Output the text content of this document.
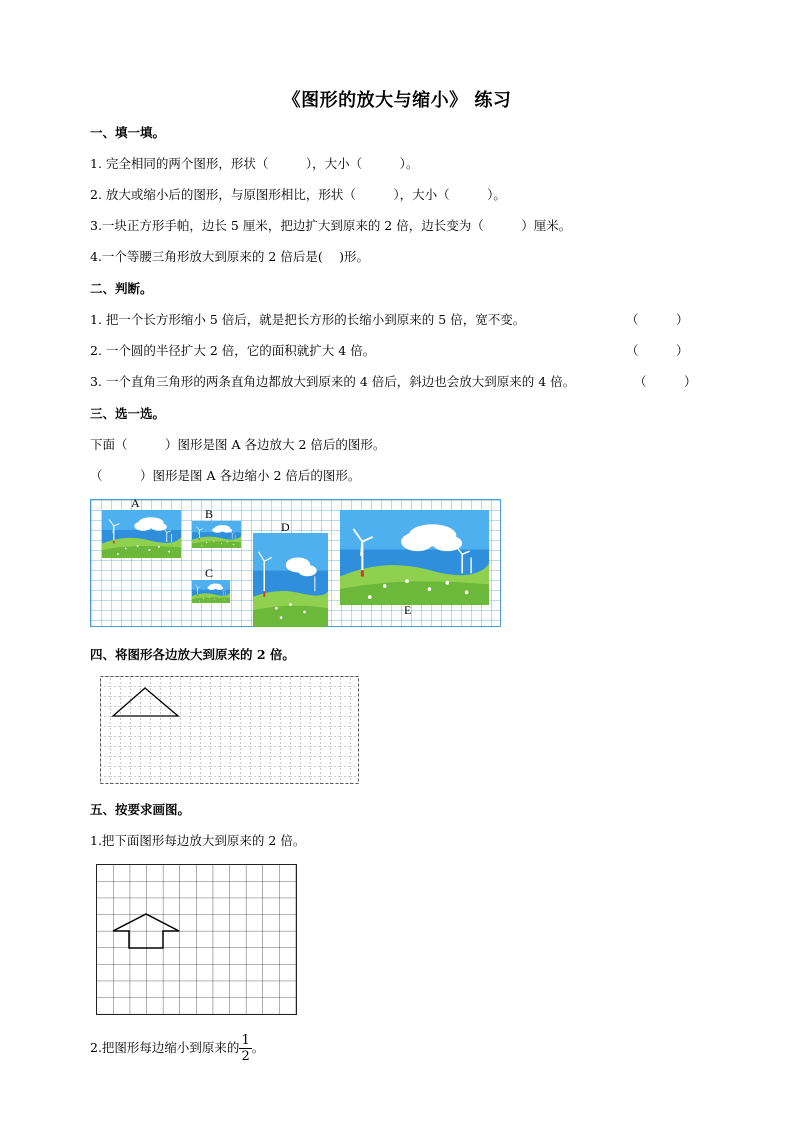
《图形的放大与缩小》 练习
一、填一填。
1. 完全相同的两个图形，形状（　　　），大小（　　　）。
2. 放大或缩小后的图形，与原图形相比，形状（　　　），大小（　　　）。
3.一块正方形手帕，边长 5 厘米，把边扩大到原来的 2 倍，边长变为（　　　）厘米。
4.一个等腰三角形放大到原来的 2 倍后是(　 )形。
二、判断。
1. 把一个长方形缩小 5 倍后，就是把长方形的长缩小到原来的 5 倍，宽不变。	（　　　）
2. 一个圆的半径扩大 2 倍，它的面积就扩大 4 倍。	（　　　）
3. 一个直角三角形的两条直角边都放大到原来的 4 倍后，斜边也会放大到原来的 4 倍。	（　　　）
三、选一选。
下面（　　　）图形是图 A 各边放大 2 倍后的图形。
（　　　）图形是图 A 各边缩小 2 倍后的图形。
A
B
C
D
E
四、将图形各边放大到原来的 2 倍。
五、按要求画图。
1.把下面图形每边放大到原来的 2 倍。
2.把图形每边缩小到原来的 $\frac{1}{2}$ 。
